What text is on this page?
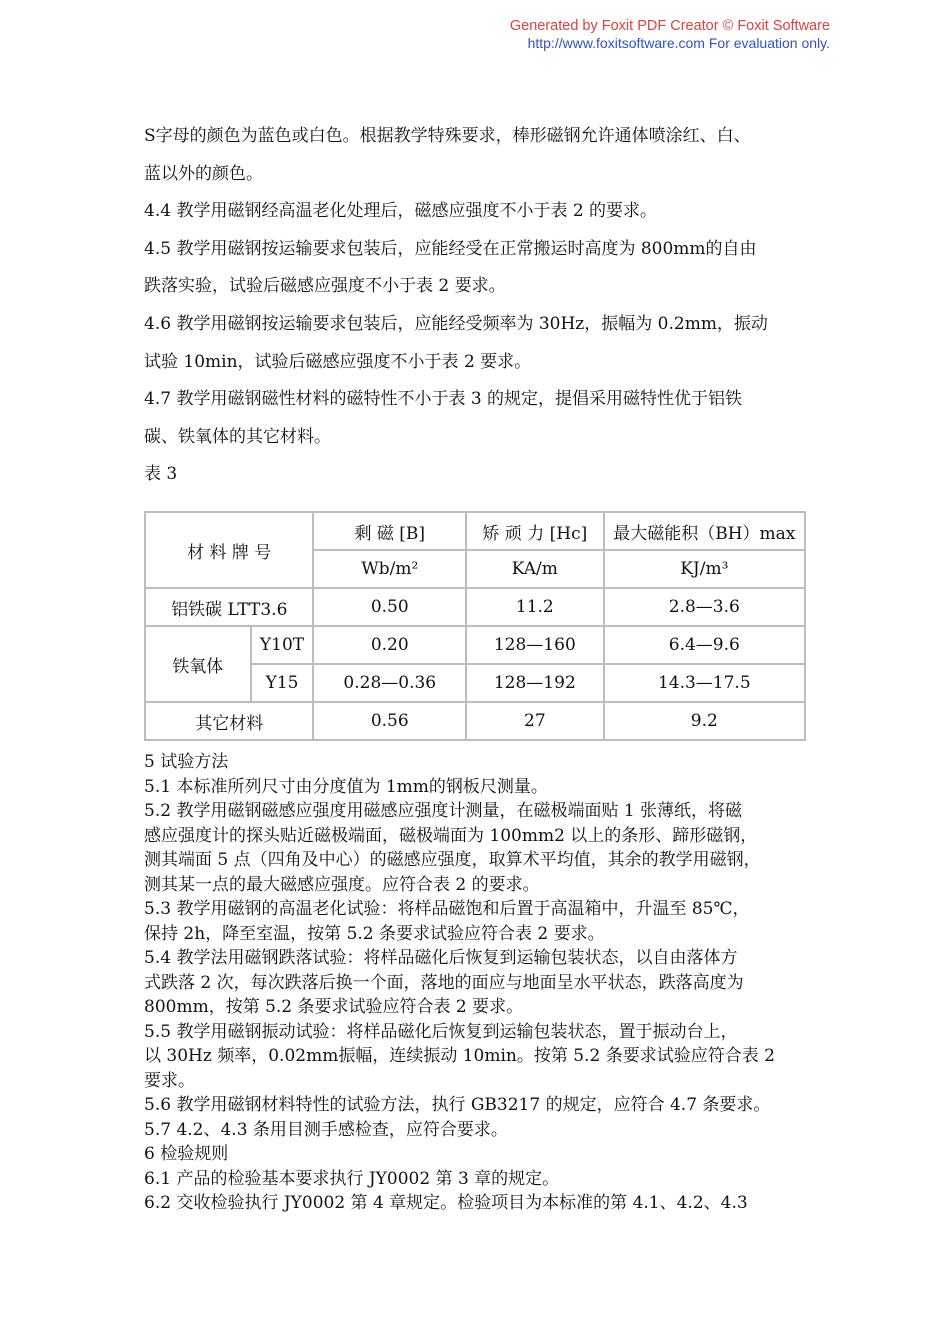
Generated by Foxit PDF Creator © Foxit Software
http://www.foxitsoftware.com For evaluation only.
S字母的颜色为蓝色或白色。根据教学特殊要求，棒形磁钢允许通体喷涂红、白、
蓝以外的颜色。
4.4 教学用磁钢经高温老化处理后，磁感应强度不小于表 2 的要求。
4.5 教学用磁钢按运输要求包装后，应能经受在正常搬运时高度为 800mm的自由
跌落实验，试验后磁感应强度不小于表 2 要求。
4.6 教学用磁钢按运输要求包装后，应能经受频率为 30Hz，振幅为 0.2mm，振动
试验 10min，试验后磁感应强度不小于表 2 要求。
4.7 教学用磁钢磁性材料的磁特性不小于表 3 的规定，提倡采用磁特性优于铝铁
碳、铁氧体的其它材料。
表 3
材 料 牌 号		剩 磁 [B]	矫 顽 力 [Hc]	最大磁能积（BH）max
		Wb/m²	KA/m	KJ/m³
铝铁碳 LTT3.6		0.50	11.2	2.8—3.6
铁氧体	Y10T	0.20	128—160	6.4—9.6
	Y15	0.28—0.36	128—192	14.3—17.5
其它材料		0.56	27	9.2
5 试验方法
5.1 本标准所列尺寸由分度值为 1mm的钢板尺测量。
5.2 教学用磁钢磁感应强度用磁感应强度计测量，在磁极端面贴 1 张薄纸，将磁
感应强度计的探头贴近磁极端面，磁极端面为 100mm2 以上的条形、蹄形磁钢，
测其端面 5 点（四角及中心）的磁感应强度，取算术平均值，其余的教学用磁钢，
测其某一点的最大磁感应强度。应符合表 2 的要求。
5.3 教学用磁钢的高温老化试验：将样品磁饱和后置于高温箱中，升温至 85℃，
保持 2h，降至室温，按第 5.2 条要求试验应符合表 2 要求。
5.4 教学法用磁钢跌落试验：将样品磁化后恢复到运输包装状态，以自由落体方
式跌落 2 次，每次跌落后换一个面，落地的面应与地面呈水平状态，跌落高度为
800mm，按第 5.2 条要求试验应符合表 2 要求。
5.5 教学用磁钢振动试验：将样品磁化后恢复到运输包装状态，置于振动台上，
以 30Hz 频率，0.02mm振幅，连续振动 10min。按第 5.2 条要求试验应符合表 2
要求。
5.6 教学用磁钢材料特性的试验方法，执行 GB3217 的规定，应符合 4.7 条要求。
5.7 4.2、4.3 条用目测手感检查，应符合要求。
6 检验规则
6.1 产品的检验基本要求执行 JY0002 第 3 章的规定。
6.2 交收检验执行 JY0002 第 4 章规定。检验项目为本标准的第 4.1、4.2、4.3
